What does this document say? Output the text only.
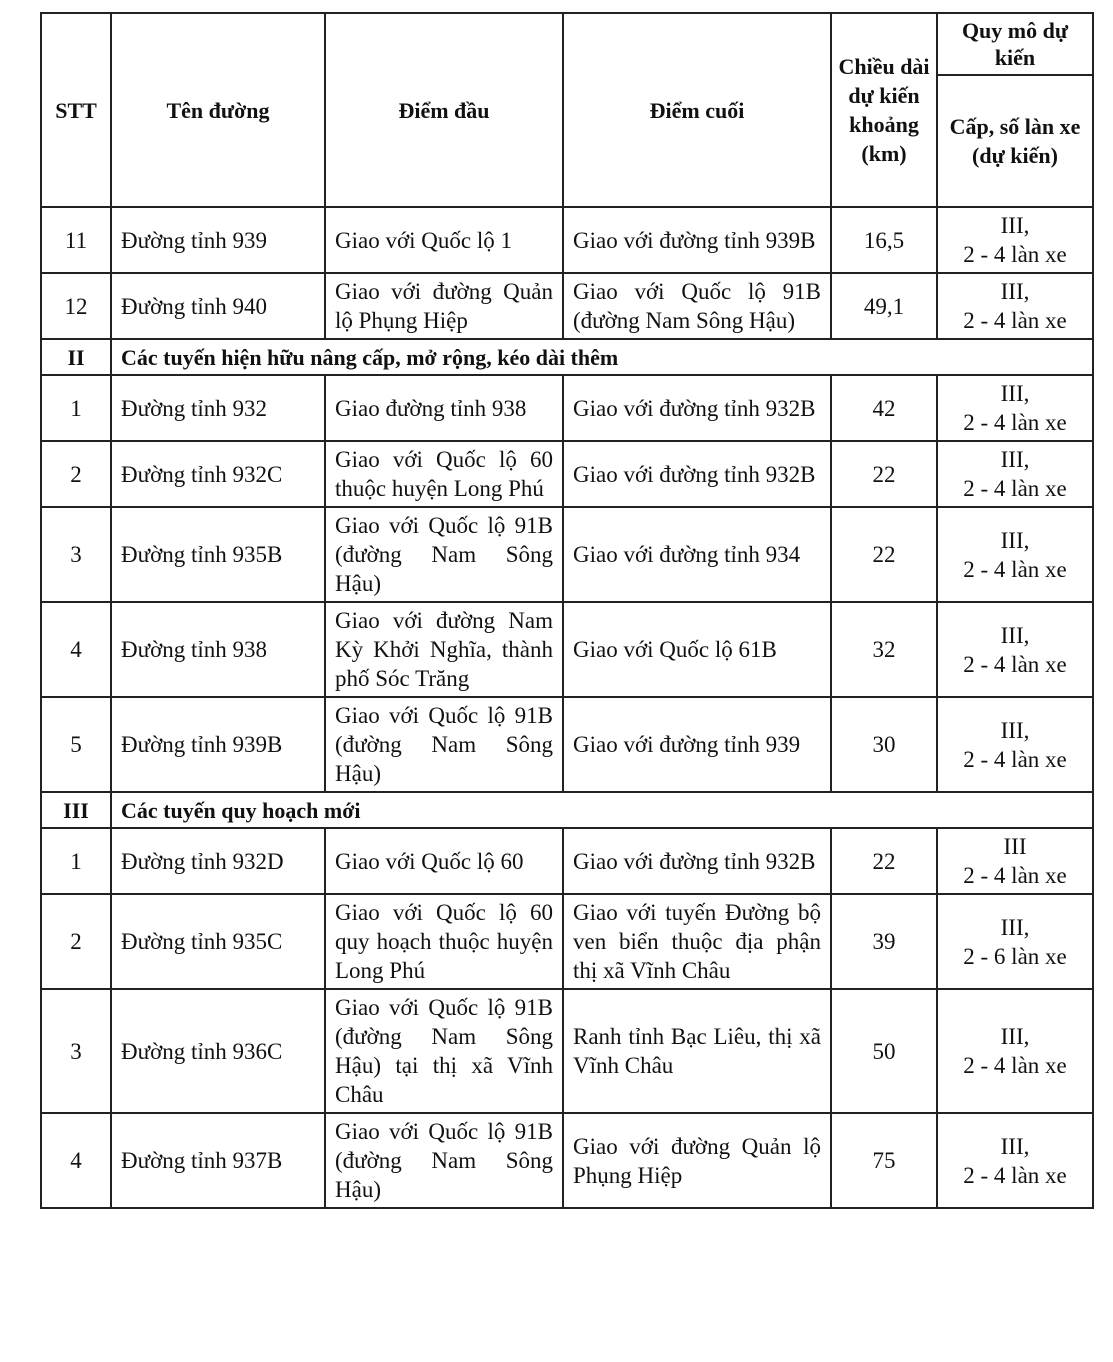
STT	Tên đường	Điểm đầu	Điểm cuối	Chiều dài dự kiến khoảng (km)	Quy mô dự kiến
					Cấp, số làn xe (dự kiến)
11	Đường tỉnh 939	Giao với Quốc lộ 1	Giao với đường tỉnh 939B	16,5	III,
2 - 4 làn xe

12	Đường tỉnh 940	Giao với đường Quản lộ Phụng Hiệp	Giao với Quốc lộ 91B (đường Nam Sông Hậu)	49,1	III,
2 - 4 làn xe

II	Các tuyến hiện hữu nâng cấp, mở rộng, kéo dài thêm				
1	Đường tỉnh 932	Giao đường tỉnh 938	Giao với đường tỉnh 932B	42	III,
2 - 4 làn xe

2	Đường tỉnh 932C	Giao với Quốc lộ 60 thuộc huyện Long Phú	Giao với đường tỉnh 932B	22	III,
2 - 4 làn xe

3	Đường tỉnh 935B	Giao với Quốc lộ 91B (đường Nam Sông Hậu)	Giao với đường tỉnh 934	22	III,
2 - 4 làn xe

4	Đường tỉnh 938	Giao với đường Nam Kỳ Khởi Nghĩa, thành phố Sóc Trăng	Giao với Quốc lộ 61B	32	III,
2 - 4 làn xe

5	Đường tỉnh 939B	Giao với Quốc lộ 91B (đường Nam Sông Hậu)	Giao với đường tỉnh 939	30	III,
2 - 4 làn xe

III	Các tuyến quy hoạch mới				
1	Đường tỉnh 932D	Giao với Quốc lộ 60	Giao với đường tỉnh 932B	22	III
2 - 4 làn xe

2	Đường tỉnh 935C	Giao với Quốc lộ 60 quy hoạch thuộc huyện Long Phú	Giao với tuyến Đường bộ ven biển thuộc địa phận thị xã Vĩnh Châu	39	III,
2 - 6 làn xe

3	Đường tỉnh 936C	Giao với Quốc lộ 91B (đường Nam Sông Hậu) tại thị xã Vĩnh Châu	Ranh tỉnh Bạc Liêu, thị xã Vĩnh Châu	50	III,
2 - 4 làn xe

4	Đường tỉnh 937B	Giao với Quốc lộ 91B (đường Nam Sông Hậu)	Giao với đường Quản lộ Phụng Hiệp	75	III,
2 - 4 làn xe
